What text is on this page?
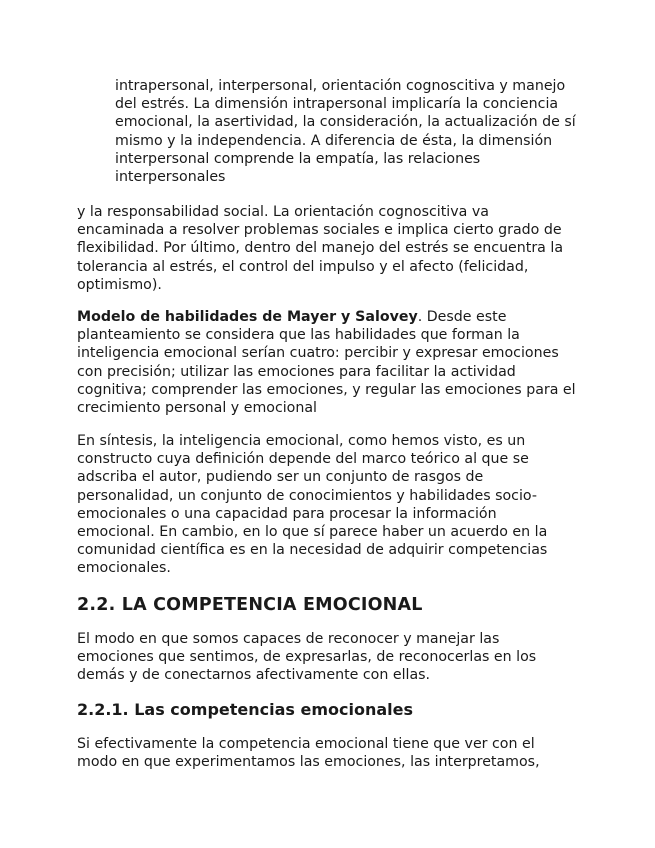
intrapersonal, interpersonal, orientación cognoscitiva y manejo del estrés. La dimensión intrapersonal implicaría la conciencia emocional, la asertividad, la consideración, la actualización de sí mismo y la independencia. A diferencia de ésta, la dimensión interpersonal comprende la empatía, las relaciones interpersonales

y la responsabilidad social. La orientación cognoscitiva va encaminada a resolver problemas sociales e implica cierto grado de flexibilidad. Por último, dentro del manejo del estrés se encuentra la tolerancia al estrés, el control del impulso y el afecto (felicidad, optimismo).

Modelo de habilidades de Mayer y Salovey. Desde este planteamiento se considera que las habilidades que forman la inteligencia emocional serían cuatro: percibir y expresar emociones con precisión; utilizar las emociones para facilitar la actividad cognitiva; comprender las emociones, y regular las emociones para el crecimiento personal y emocional

En síntesis, la inteligencia emocional, como hemos visto, es un constructo cuya definición depende del marco teórico al que se adscriba el autor, pudiendo ser un conjunto de rasgos de personalidad, un conjunto de conocimientos y habilidades socio-emocionales o una capacidad para procesar la información emocional. En cambio, en lo que sí parece haber un acuerdo en la comunidad científica es en la necesidad de adquirir competencias emocionales.

2.2. LA COMPETENCIA EMOCIONAL

El modo en que somos capaces de reconocer y manejar las emociones que sentimos, de expresarlas, de reconocerlas en los demás y de conectarnos afectivamente con ellas.

2.2.1. Las competencias emocionales

Si efectivamente la competencia emocional tiene que ver con el modo en que experimentamos las emociones, las interpretamos,
